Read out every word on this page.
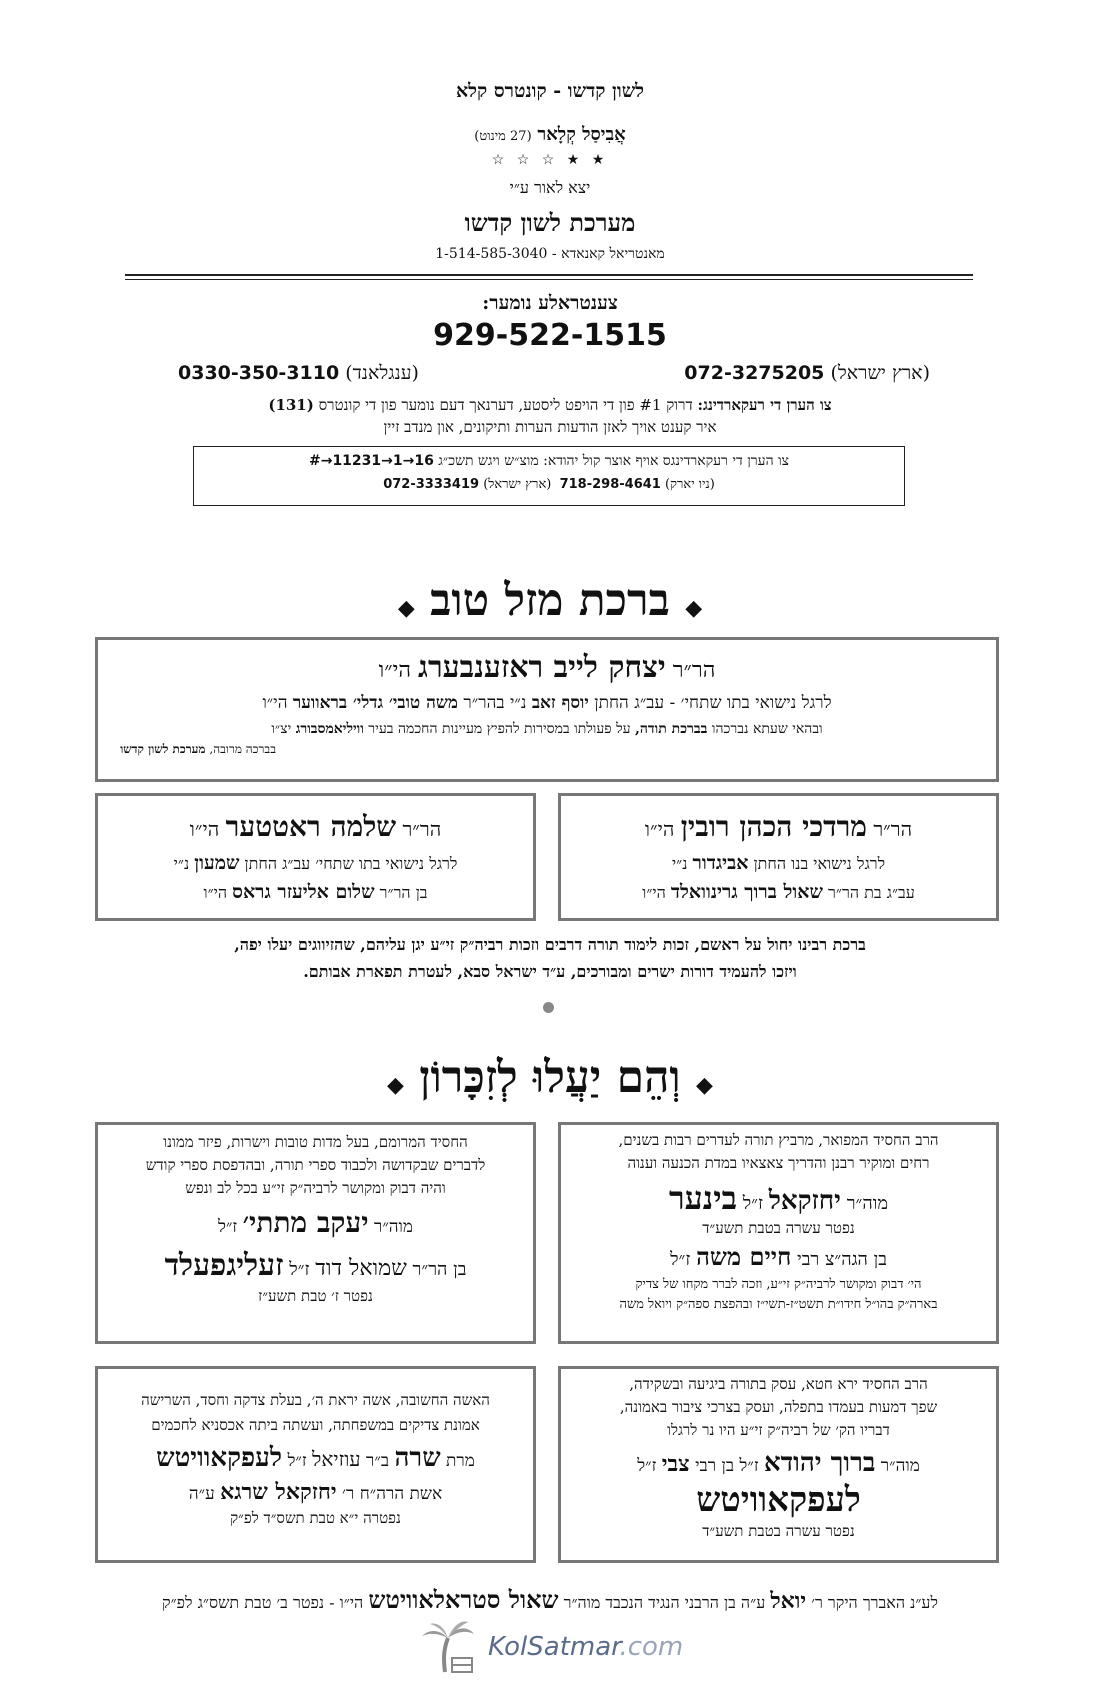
לשון קדשו - קונטרס קלא
אֲבִיסַל קְלָאר (27 מינוט)
★ ★ ☆ ☆ ☆
יצא לאור ע״י
מערכת לשון קדשו
מאנטריאל קאנאדא - 1-514-585-3040
צענטראלע נומער:
929-522-1515
(ארץ ישראל) 072-3275205
(ענגלאנד) 0330-350-3110
צו הערן די רעקארדינג: דרוק #1 פון די הויפט ליסטע, דערנאך דעם נומער פון די קונטרס (131)
איר קענט אויך לאזן הודעות הערות ותיקונים, און מנדב זיין
צו הערן די רעקארדינגס אויף אוצר קול יהודא: מוצ״ש ויגש תשכ״ג #→11231→1→16
(ניו יארק) 718-298-4641  (ארץ ישראל) 072-3333419
◆ ברכת מזל טוב ◆
הר״ר יצחק לייב ראזענבערג הי״ו
לרגל נישואי בתו שתחי׳ - עב״ג החתן יוסף זאב נ״י בהר״ר משה טובי׳ גדלי׳ בראווער הי״ו
ובהאי שעתא נברכהו בברכת תודה, על פעולתו במסירות להפיץ מעיינות החכמה בעיר וויליאמסבורג יצ״ו
בברכה מרובה, מערכת לשון קדשו
הר״ר מרדכי הכהן רובין הי״ו
לרגל נישואי בנו החתן אביגדור נ״י
עב״ג בת הר״ר שאול ברוך גרינוואלד הי״ו
הר״ר שלמה ראטטער הי״ו
לרגל נישואי בתו שתחי׳ עב״ג החתן שמעון נ״י
בן הר״ר שלום אליעזר גראס הי״ו
ברכת רבינו יחול על ראשם, זכות לימוד תורה דרבים וזכות רביה״ק זי״ע יגן עליהם, שהזיווגים יעלו יפה,
ויזכו להעמיד דורות ישרים ומבורכים, ע״ד ישראל סבא, לעטרת תפארת אבותם.
◆ וְהֵם יַעֲלוּ לְזִכָּרוֹן ◆
הרב החסיד המפואר, מרביץ תורה לעדרים רבות בשנים,
רחים ומוקיר רבנן והדריך צאצאיו במדת הכנעה וענוה
מוה״ר יחזקאל ז״ל בינער
נפטר עשרה בטבת תשע״ד
בן הגה״צ רבי חיים משה ז״ל
הי׳ דבוק ומקושר לרביה״ק זי״ע, וזכה לברר מקחו של צדיק
בארה״ק בהו״ל חידו״ת תשט״ז-תשי״ז ובהפצת ספה״ק ויואל משה
החסיד המרומם, בעל מדות טובות וישרות, פיזר ממונו
לדברים שבקדושה ולכבוד ספרי תורה, ובהדפסת ספרי קודש
והיה דבוק ומקושר לרביה״ק זי״ע בכל לב ונפש
מוה״ר יעקב מתתי׳ ז״ל
בן הר״ר שמואל דוד ז״ל זעליגפעלד
נפטר ז׳ טבת תשע״ז
הרב החסיד ירא חטא, עסק בתורה ביגיעה ובשקידה,
שפך דמעות בעמדו בתפלה, ועסק בצרכי ציבור באמונה,
דבריו הק׳ של רביה״ק זי״ע היו נר לרגלו
מוה״ר ברוך יהודא ז״ל בן רבי צבי ז״ל
לעפקאוויטש
נפטר עשרה בטבת תשע״ד
האשה החשובה, אשה יראת ה׳, בעלת צדקה וחסד, השרישה
אמונת צדיקים במשפחתה, ועשתה ביתה אכסניא לחכמים
מרת שרה ב״ר עוזיאל ז״ל לעפקאוויטש
אשת הרה״ח ר׳ יחזקאל שרגא ע״ה
נפטרה י״א טבת תשס״ד לפ״ק
לע״נ האברך היקר ר׳ יואל ע״ה בן הרבני הנגיד הנכבד מוה״ר שאול סטראלאוויטש הי״ו - נפטר ב׳ טבת תשס״ג לפ״ק
KolSatmar.com
